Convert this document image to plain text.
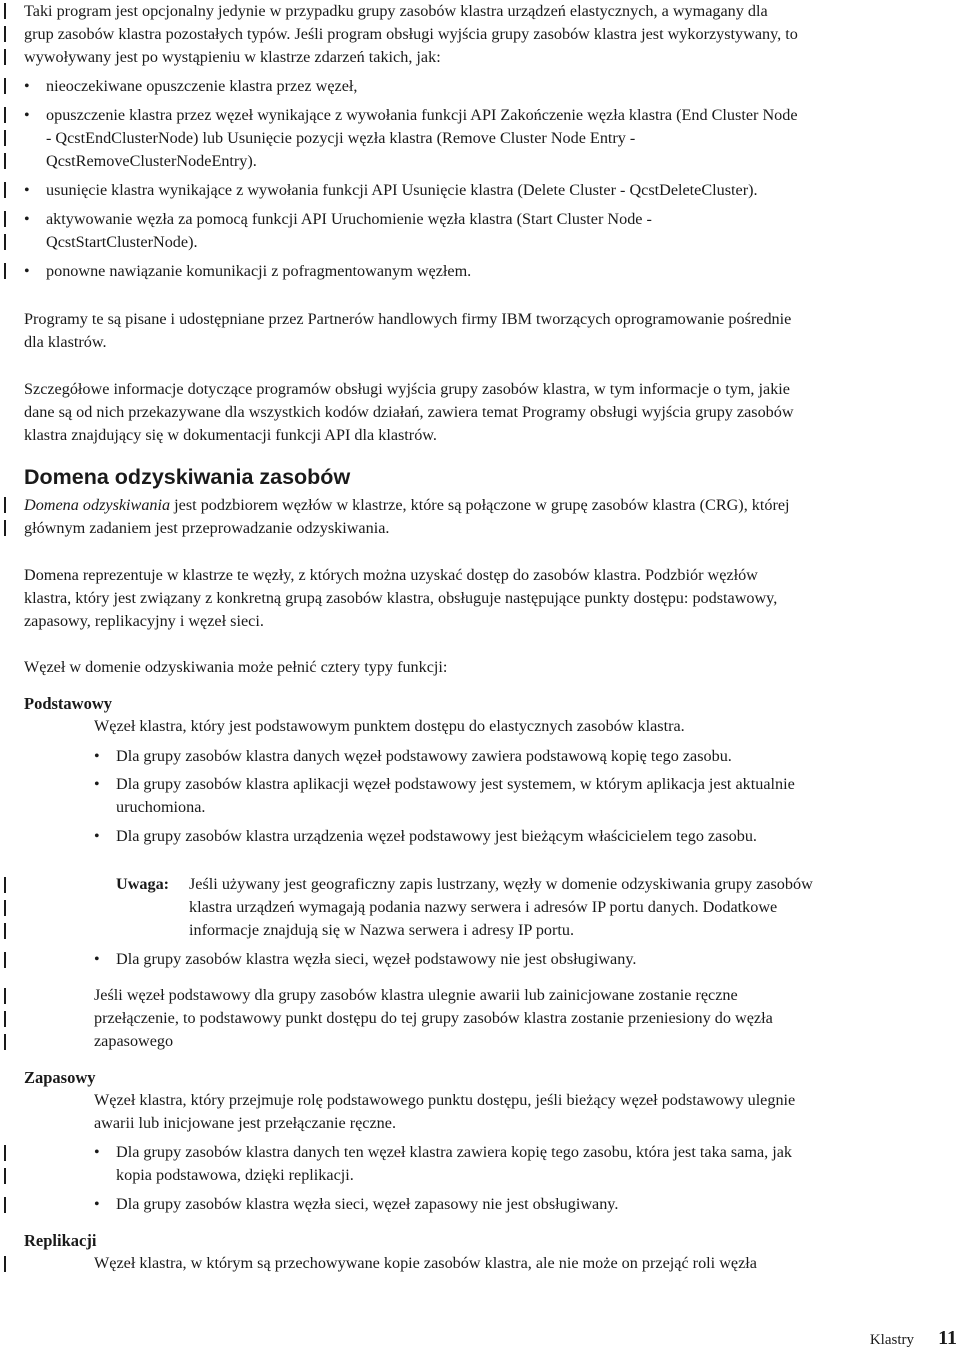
Taki program jest opcjonalny jedynie w przypadku grupy zasobów klastra urządzeń elastycznych, a wymagany dla
grup zasobów klastra pozostałych typów. Jeśli program obsługi wyjścia grupy zasobów klastra jest wykorzystywany, to
wywoływany jest po wystąpieniu w klastrze zdarzeń takich, jak:
• nieoczekiwane opuszczenie klastra przez węzeł,
• opuszczenie klastra przez węzeł wynikające z wywołania funkcji API Zakończenie węzła klastra (End Cluster Node
- QcstEndClusterNode) lub Usunięcie pozycji węzła klastra (Remove Cluster Node Entry -
QcstRemoveClusterNodeEntry).
• usunięcie klastra wynikające z wywołania funkcji API Usunięcie klastra (Delete Cluster - QcstDeleteCluster).
• aktywowanie węzła za pomocą funkcji API Uruchomienie węzła klastra (Start Cluster Node -
QcstStartClusterNode).
• ponowne nawiązanie komunikacji z pofragmentowanym węzłem.
Programy te są pisane i udostępniane przez Partnerów handlowych firmy IBM tworzących oprogramowanie pośrednie
dla klastrów.
Szczegółowe informacje dotyczące programów obsługi wyjścia grupy zasobów klastra, w tym informacje o tym, jakie
dane są od nich przekazywane dla wszystkich kodów działań, zawiera temat Programy obsługi wyjścia grupy zasobów
klastra znajdujący się w dokumentacji funkcji API dla klastrów.
Domena odzyskiwania zasobów
Domena odzyskiwania jest podzbiorem węzłów w klastrze, które są połączone w grupę zasobów klastra (CRG), której
głównym zadaniem jest przeprowadzanie odzyskiwania.
Domena reprezentuje w klastrze te węzły, z których można uzyskać dostęp do zasobów klastra. Podzbiór węzłów
klastra, który jest związany z konkretną grupą zasobów klastra, obsługuje następujące punkty dostępu: podstawowy,
zapasowy, replikacyjny i węzeł sieci.
Węzeł w domenie odzyskiwania może pełnić cztery typy funkcji:
Podstawowy
Węzeł klastra, który jest podstawowym punktem dostępu do elastycznych zasobów klastra.
• Dla grupy zasobów klastra danych węzeł podstawowy zawiera podstawową kopię tego zasobu.
• Dla grupy zasobów klastra aplikacji węzeł podstawowy jest systemem, w którym aplikacja jest aktualnie
uruchomiona.
• Dla grupy zasobów klastra urządzenia węzeł podstawowy jest bieżącym właścicielem tego zasobu.
Uwaga: Jeśli używany jest geograficzny zapis lustrzany, węzły w domenie odzyskiwania grupy zasobów
klastra urządzeń wymagają podania nazwy serwera i adresów IP portu danych. Dodatkowe
informacje znajdują się w Nazwa serwera i adresy IP portu.
• Dla grupy zasobów klastra węzła sieci, węzeł podstawowy nie jest obsługiwany.
Jeśli węzeł podstawowy dla grupy zasobów klastra ulegnie awarii lub zainicjowane zostanie ręczne
przełączenie, to podstawowy punkt dostępu do tej grupy zasobów klastra zostanie przeniesiony do węzła
zapasowego
Zapasowy
Węzeł klastra, który przejmuje rolę podstawowego punktu dostępu, jeśli bieżący węzeł podstawowy ulegnie
awarii lub inicjowane jest przełączanie ręczne.
• Dla grupy zasobów klastra danych ten węzeł klastra zawiera kopię tego zasobu, która jest taka sama, jak
kopia podstawowa, dzięki replikacji.
• Dla grupy zasobów klastra węzła sieci, węzeł zapasowy nie jest obsługiwany.
Replikacji
Węzeł klastra, w którym są przechowywane kopie zasobów klastra, ale nie może on przejąć roli węzła
Klastry 11
